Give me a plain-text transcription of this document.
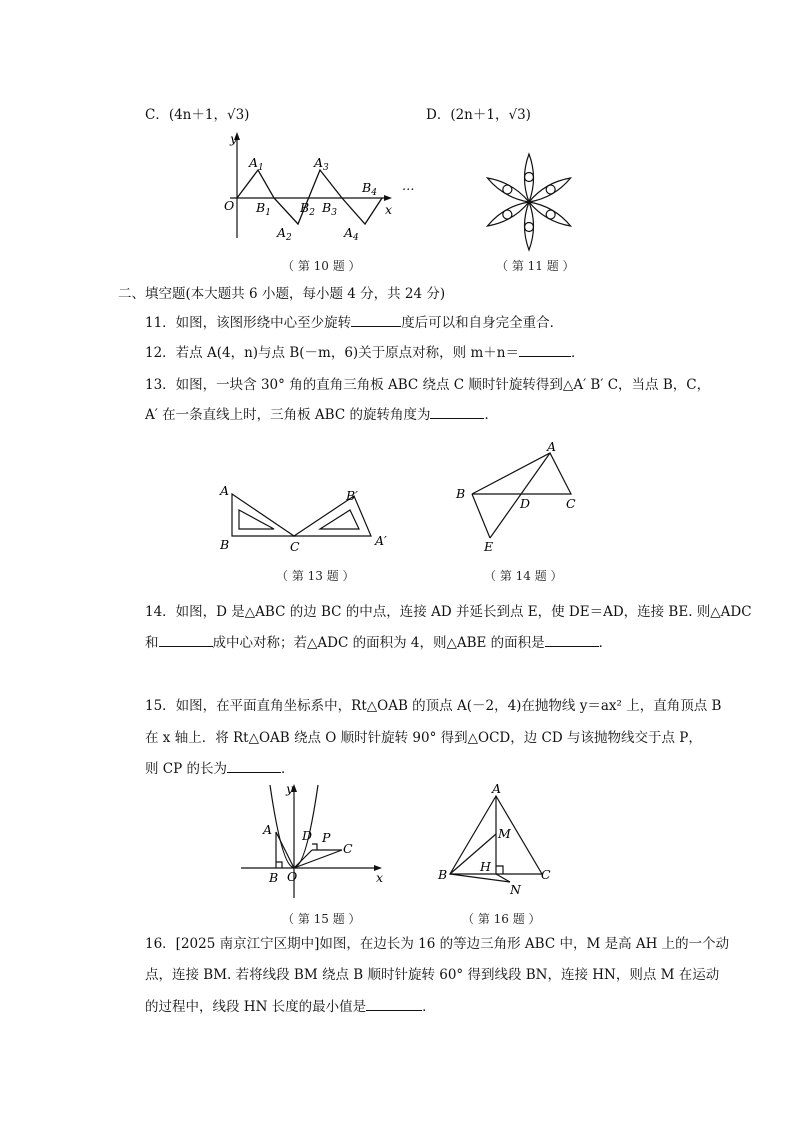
C．(4n＋1，√3)	D．(2n＋1，√3)
y
x
O
…
$A_1$	$A_3$
$A_2$	$A_4$
$B_1$ $B_2$ $B_3$
$B_4$
（ 第 10 题 ）	（ 第 11 题 ）
二、填空题(本大题共 6 小题，每小题 4 分，共 24 分)
11．如图，该图形绕中心至少旋转	度后可以和自身完全重合．
12．若点 A(4，n)与点 B(－m，6)关于原点对称，则 m＋n＝	．
13．如图，一块含 30° 角的直角三角板 ABC 绕点 C 顺时针旋转得到△A′ B′ C，当点 B，C，
A′ 在一条直线上时，三角板 ABC 的旋转角度为	．
A
B	C
B′
A′
A
B
C
D
E
（ 第 13 题 ）	（ 第 14 题 ）
14．如图，D 是△ABC 的边 BC 的中点，连接 AD 并延长到点 E，使 DE＝AD，连接 BE. 则△ADC
和	成中心对称；若△ADC 的面积为 4，则△ABE 的面积是	．
15．如图，在平面直角坐标系中，Rt△OAB 的顶点 A(－2，4)在抛物线 y＝ax² 上，直角顶点 B
在 x 轴上．将 Rt△OAB 绕点 O 顺时针旋转 90° 得到△OCD，边 CD 与该抛物线交于点 P，
则 CP 的长为	．
y
x
O
A
B
C
D P
A
B	C
M
H
N
（ 第 15 题 ）	（ 第 16 题 ）
16．[2025 南京江宁区期中]如图，在边长为 16 的等边三角形 ABC 中，M 是高 AH 上的一个动
点，连接 BM. 若将线段 BM 绕点 B 顺时针旋转 60° 得到线段 BN，连接 HN，则点 M 在运动
的过程中，线段 HN 长度的最小值是	．
